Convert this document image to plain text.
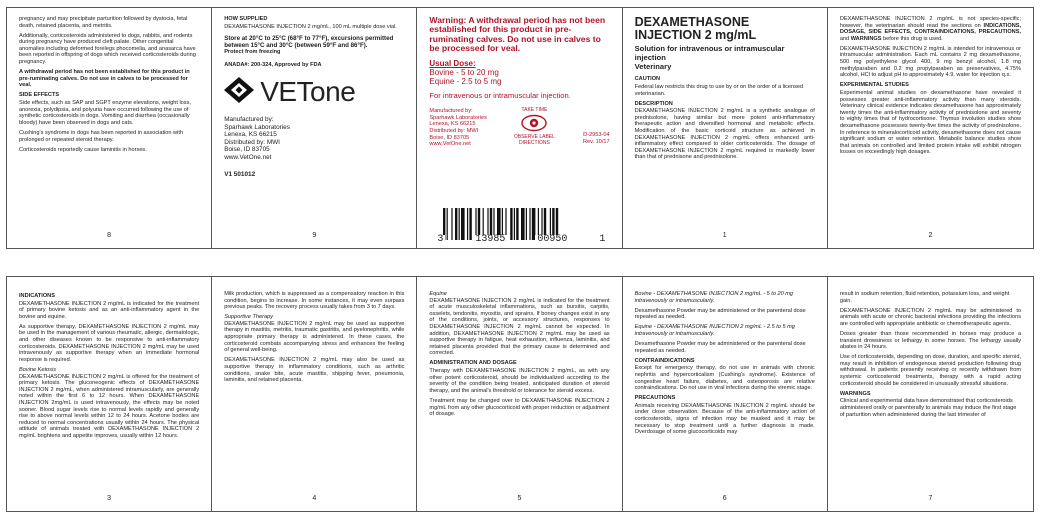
pregnancy and may precipitate parturition followed by dystocia, fetal death, retained placenta, and metritis.

Additionally, corticosteroids administered to dogs, rabbits, and rodents during pregnancy have produced cleft palate. Other congenital anomalies including deformed forelegs phocomelia, and anasarca have been reported in offspring of dogs which received corticosteroids during pregnancy.

A withdrawal period has not been established for this product in pre-ruminating calves. Do not use in calves to be processed for veal.

SIDE EFFECTS

Side effects, such as SAP and SGPT enzyme elevations, weight loss, anorexia, polydipsia, and polyuria have occurred following the use of synthetic corticosteroids in dogs. Vomiting and diarrhea (occasionally bloody) have been observed in dogs and cats.

Cushing's syndrome in dogs has been reported in association with prolonged or repeated steroid therapy.

Corticosteroids reportedly cause laminitis in horses.

8
HOW SUPPLIED

DEXAMETHASONE INJECTION 2 mg/mL, 100 mL multiple dose vial.

Store at 20°C to 25°C (68°F to 77°F), excursions permitted between 15°C and 30°C (between 59°F and 86°F).

Protect from freezing

ANADA#: 200-324, Approved by FDA

VETone
Manufactured by:
Sparhawk Laboratories
Lenexa, KS 66215
Distributed by: MWI
Boise, ID 83705
www.VetOne.net
V1 501012
9
Warning: A withdrawal period has not been established for this product in pre-ruminating calves. Do not use in calves to be processed for veal.
Usual Dose:
Bovine - 5 to 20 mg
Equine - 2.5 to 5 mg
For intravenous or intramuscular injection.
Manufactured by:
Sparhawk Laboratories
Lenexa, KS 66215
Distributed by: MWI
Boise, ID 83705
www.VetOne.net
TAKE TIME
OBSERVE LABEL DIRECTIONS
D-2953-04
Rev. 10/17
3	13985	00950	1
DEXAMETHASONE INJECTION 2 mg/mL
Solution for intravenous or intramuscular injection
Veterinary
CAUTION

Federal law restricts this drug to use by or on the order of a licensed veterinarian.

DESCRIPTION

DEXAMETHASONE INJECTION 2 mg/mL is a synthetic analogue of prednisolone, having similar but more potent anti-inflammatory therapeutic action and diversified hormonal and metabolic effects. Modification of the basic corticoid structure as achieved in DEXAMETHASONE INJECTION 2 mg/mL offers enhanced anti-inflammatory effect compared to older corticosteroids. The dosage of DEXAMETHASONE INJECTION 2 mg/mL required is markedly lower than that of prednisone and prednisolone.

1

DEXAMETHASONE INJECTION 2 mg/mL is not species-specific; however, the veterinarian should read the sections on INDICATIONS, DOSAGE, SIDE EFFECTS, CONTRAINDICATIONS, PRECAUTIONS, and WARNINGS before this drug is used.

DEXAMETHASONE INJECTION 2 mg/mL is intended for intravenous or intramuscular administration. Each mL contains 2 mg dexamethasone, 500 mg polyethylene glycol 400, 9 mg benzyl alcohol, 1.8 mg methylparaben and 0.2 mg propylparaben as preservatives, 4.75% alcohol, HCl to adjust pH to approximately 4.9, water for injection q.s.

EXPERIMENTAL STUDIES

Experimental animal studies on dexamethasone have revealed it possesses greater anti-inflammatory activity than many steroids. Veterinary clinical evidence indicates dexamethasone has approximately twenty times the anti-inflammatory activity of prednisolone and seventy to eighty times that of hydrocortisone. Thymus involution studies show dexamethasone possesses twenty-five times the activity of prednisolone. In reference to mineralocorticoid activity, dexamethasone does not cause significant sodium or water retention. Metabolic balance studies show that animals on controlled and limited protein intake will exhibit nitrogen losses on exceedingly high dosages.

2
INDICATIONS

DEXAMETHASONE INJECTION 2 mg/mL is indicated for the treatment of primary bovine ketosis and as an anti-inflammatory agent in the bovine and equine.

As supportive therapy, DEXAMETHASONE INJECTION 2 mg/mL may be used in the management of various rheumatic, allergic, dermatologic, and other diseases known to be responsive to anti-inflammatory corticosteroids. DEXAMETHASONE INJECTION 2 mg/mL may be used intravenously as supportive therapy when an immediate hormonal response is required.

Bovine Ketosis

DEXAMETHASONE INJECTION 2 mg/mL is offered for the treatment of primary ketosis. The gluconeogenic effects of DEXAMETHASONE INJECTION 2 mg/mL, when administered intramuscularly, are generally noted within the first 6 to 12 hours. When DEXAMETHASONE INJECTION 2mg/mL is used intravenously, the effects may be noted sooner. Blood sugar levels rise to normal levels rapidly and generally rise to above normal levels within 12 to 24 hours. Acetone bodies are reduced to normal concentrations usually within 24 hours. The physical attitude of animals treated with DEXAMETHASONE INJECTION 2 mg/mL brightens and appetite improves, usually within 12 hours.

3

Milk production, which is suppressed as a compensatory reaction in this condition, begins to increase. In some instances, it may even surpass previous peaks. The recovery process usually takes from 3 to 7 days.

Supportive Therapy

DEXAMETHASONE INJECTION 2 mg/mL may be used as supportive therapy in mastitis, metritis, traumatic gastritis, and pyelonephritis, while appropriate primary therapy is administered. In these cases, the corticosteroid combats accompanying stress and enhances the feeling of general well-being.

DEXAMETHASONE INJECTION 2 mg/mL may also be used as supportive therapy in inflammatory conditions, such as arthritic conditions, snake bite, acute mastitis, shipping fever, pneumonia, laminitis, and retained placenta.

4
Equine

DEXAMETHASONE INJECTION 2 mg/mL is indicated for the treatment of acute musculoskeletal inflammations, such as bursitis, carpitis, osselets, tendonitis, myositis, and sprains. If boney changes exist in any of the conditions, joints, or accessory structures, responses to DEXAMETHASONE INJECTION 2 mg/mL cannot be expected. In addition, DEXAMETHASONE INJECTION 2 mg/mL may be used as supportive therapy in fatigue, heat exhaustion, influenza, laminitis, and retained placenta provided that the primary cause is determined and corrected.

ADMINISTRATION AND DOSAGE

Therapy with DEXAMETHASONE INJECTION 2 mg/mL, as with any other potent corticosteroid, should be individualized according to the severity of the condition being treated, anticipated duration of steroid therapy, and the animal's threshold or tolerance for steroid excess.

Treatment may be changed over to DEXAMETHASONE INJECTION 2 mg/mL from any other glucocorticoid with proper reduction or adjustment of dosage.

5

Bovine - DEXAMETHASONE INJECTION 2 mg/mL - 5 to 20 mg intravenously or intramuscularly.

Dexamethasone Powder may be administered or the parenteral dose repeated as needed.

Equine - DEXAMETHASONE INJECTION 2 mg/mL - 2.5 to 5 mg intravenously or intramuscularly.

Dexamethasone Powder may be administered or the parenteral dose repeated as needed.

CONTRAINDICATIONS

Except for emergency therapy, do not use in animals with chronic nephritis and hypercorticalism (Cushing's syndrome). Existence of congestive heart failure, diabetes, and osteoporosis are relative contraindications. Do not use in viral infections during the viremic stage.

PRECAUTIONS

Animals receiving DEXAMETHASONE INJECTION 2 mg/mL should be under close observation. Because of the anti-inflammatory action of corticosteroids, signs of infection may be masked and it may be necessary to stop treatment until a further diagnosis is made. Overdosage of some glucocorticoids may

6

result in sodium retention, fluid retention, potassium loss, and weight gain.

DEXAMETHASONE INJECTION 2 mg/mL may be administered to animals with acute or chronic bacterial infections providing the infections are controlled with appropriate antibiotic or chemotherapeutic agents.

Doses greater than those recommended in horses may produce a transient drowsiness or lethargy in some horses. The lethargy usually abates in 24 hours.

Use of corticosteroids, depending on dose, duration, and specific steroid, may result in inhibition of endogenous steroid production following drug withdrawal. In patients presently receiving or recently withdrawn from systemic corticosteroid treatments, therapy with a rapid acting corticosteroid should be considered in unusually stressful situations.

WARNINGS

Clinical and experimental data have demonstrated that corticosteroids administered orally or parenterally to animals may induce the first stage of parturition when administered during the last trimester of

7
